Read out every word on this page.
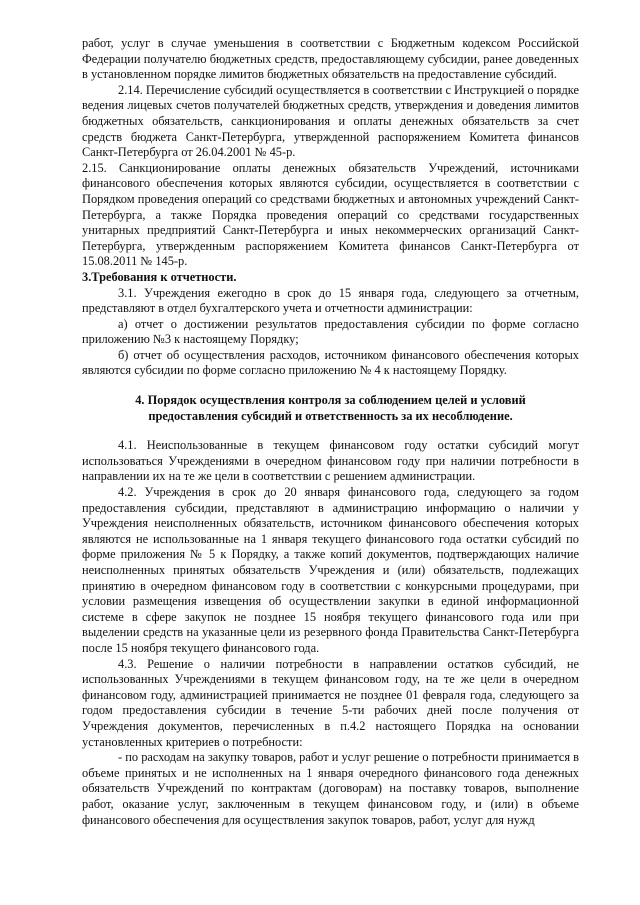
работ, услуг в случае уменьшения в соответствии с Бюджетным кодексом Российской Федерации получателю бюджетных средств, предоставляющему субсидии, ранее доведенных в установленном порядке лимитов бюджетных обязательств на предоставление субсидий.

2.14. Перечисление субсидий осуществляется в соответствии с Инструкцией о порядке ведения лицевых счетов получателей бюджетных средств, утверждения и доведения лимитов бюджетных обязательств, санкционирования и оплаты денежных обязательств за счет средств бюджета Санкт-Петербурга, утвержденной распоряжением Комитета финансов Санкт-Петербурга от 26.04.2001 № 45-р.

2.15. Санкционирование оплаты денежных обязательств Учреждений, источниками финансового обеспечения которых являются субсидии, осуществляется в соответствии с Порядком проведения операций со средствами бюджетных и автономных учреждений Санкт-Петербурга, а также Порядка проведения операций со средствами государственных унитарных предприятий Санкт-Петербурга и иных некоммерческих организаций Санкт-Петербурга, утвержденным распоряжением Комитета финансов Санкт-Петербурга от 15.08.2011 № 145-р.

3.Требования к отчетности.

3.1. Учреждения ежегодно в срок до 15 января года, следующего за отчетным, представляют в отдел бухгалтерского учета и отчетности администрации:

а) отчет о достижении результатов предоставления субсидии по форме согласно приложению №3 к настоящему Порядку;

б) отчет об осуществления расходов, источником финансового обеспечения которых являются субсидии по форме согласно приложению № 4 к настоящему Порядку.

4. Порядок осуществления контроля за соблюдением целей и условий
предоставления субсидий и ответственность за их несоблюдение.

4.1. Неиспользованные в текущем финансовом году остатки субсидий могут использоваться Учреждениями в очередном финансовом году при наличии потребности в направлении их на те же цели в соответствии с решением администрации.

4.2. Учреждения в срок до 20 января финансового года, следующего за годом предоставления субсидии, представляют в администрацию информацию о наличии у Учреждения неисполненных обязательств, источником финансового обеспечения которых являются не использованные на 1 января текущего финансового года остатки субсидий по форме приложения № 5 к Порядку, а также копий документов, подтверждающих наличие неисполненных принятых обязательств Учреждения и (или) обязательств, подлежащих принятию в очередном финансовом году в соответствии с конкурсными процедурами, при условии размещения извещения об осуществлении закупки в единой информационной системе в сфере закупок не позднее 15 ноября текущего финансового года или при выделении средств на указанные цели из резервного фонда Правительства Санкт-Петербурга после 15 ноября текущего финансового года.

4.3. Решение о наличии потребности в направлении остатков субсидий, не использованных Учреждениями в текущем финансовом году, на те же цели в очередном финансовом году, администрацией принимается не позднее 01 февраля года, следующего за годом предоставления субсидии в течение 5-ти рабочих дней после получения от Учреждения документов, перечисленных в п.4.2 настоящего Порядка на основании установленных критериев о потребности:

- по расходам на закупку товаров, работ и услуг решение о потребности принимается в объеме принятых и не исполненных на 1 января очередного финансового года денежных обязательств Учреждений по контрактам (договорам) на поставку товаров, выполнение работ, оказание услуг, заключенным в текущем финансовом году, и (или) в объеме финансового обеспечения для осуществления закупок товаров, работ, услуг для нужд
